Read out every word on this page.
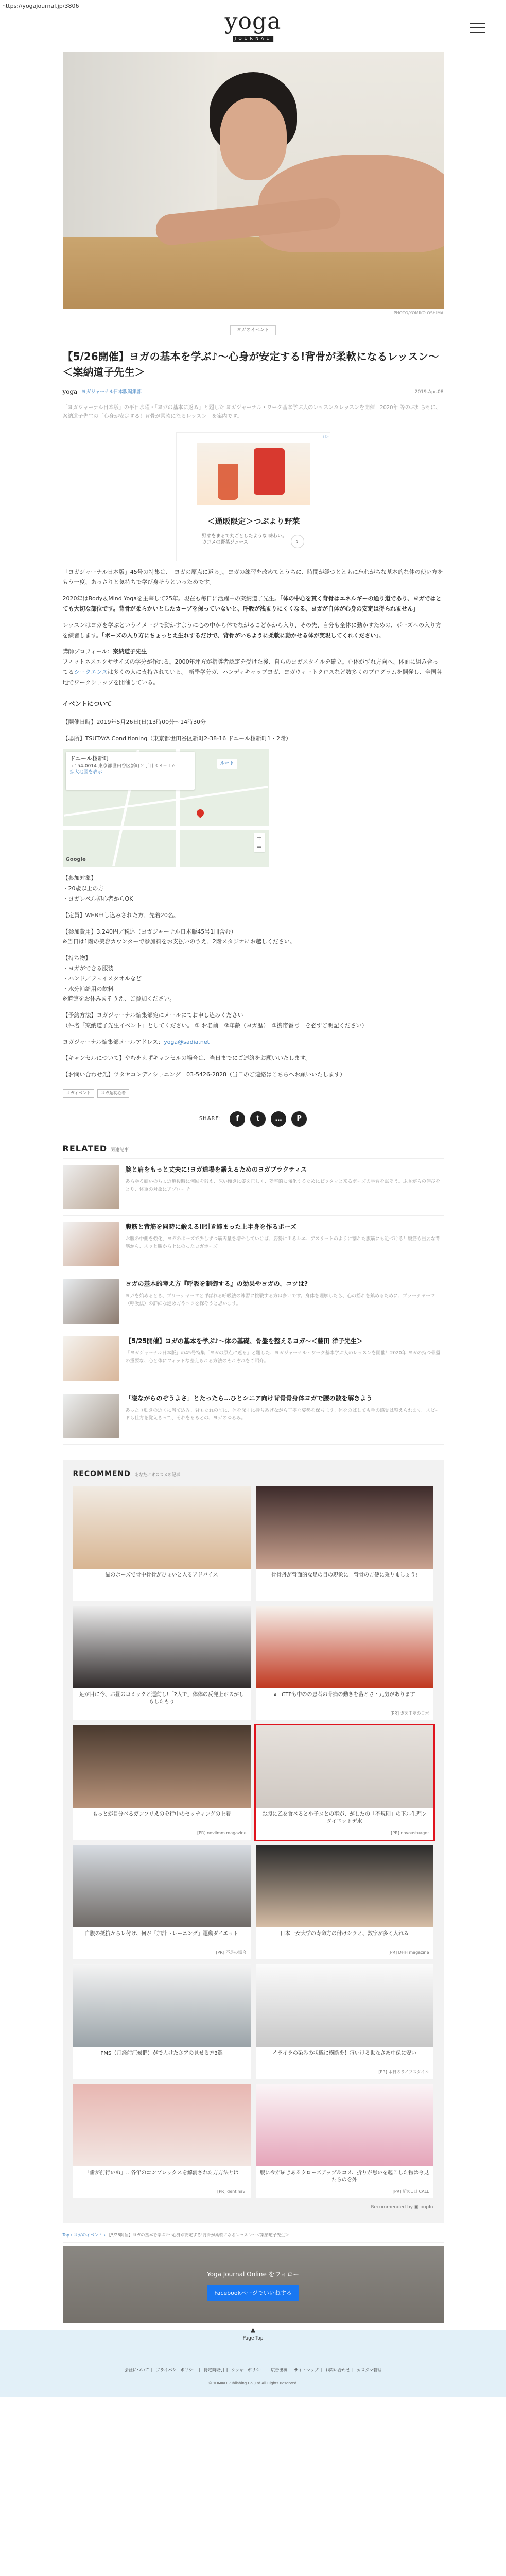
https://yogajournal.jp/3806
yoga
JOURNAL
PHOTO/YOMIKO OSHIMA
ヨガのイベント
【5/26開催】ヨガの基本を学ぶ♪〜心身が安定する!背骨が柔軟になるレッスン〜＜案納道子先生＞
yoga ヨガジャーナル日本版編集部	2019-Apr-08

「ヨガジャーナル日本版」の平日水曜・「ヨガの基本に返る」と題した ヨガジャーナル・ワーク基本学ぶ人のレッスン＆レッスンを開催！2020年 等のお知らせに、案納道子先生の「心身が安定する！背骨が柔軟になるレッスン」を案内です。

i ▷
＜通販限定＞つぶより野菜
野菜をまるで丸ごとしたような 味わい。カゴメの野菜ジュース	›

「ヨガジャーナル日本版」45号の特集は、「ヨガの原点に返る」。ヨガの練習を改めてとうちに、時間が経つとともに忘れがちな基本的な体の使い方をもう一度、あっさりと気持ちで学び身そうといっためです。

2020年はBody＆Mind Yogaを主宰して25年。現在も毎日に活躍中の案納道子先生。「体の中心を貫く背骨はエネルギーの通り道であり、ヨガではとても大切な部位です。背骨が柔らかいとしたカーブを保っていないと、呼吸が浅まりにくくなる、ヨガが自体が心身の安定は得られません」

レッスンはヨガを学ぶというイメージで動かすように心の中から体でながるこどかから入り、その先、自分も全体に動かすための、ボーズへの入り方を練習します。「ボーズの入り方にちょっとえ生れするだけで、背骨がいちように柔軟に動かせる体が実現してくれください」。

講師プロフィール：案納道子先生
フィットネスエクササイズの学分が作れる。2000年坪方が指導者認定を受けた後、自らのヨガスタイルを確立。心体がずれ方向へ、体面に組み合ってるシークエンスは多くの人に支持されている。 新學学分ガ、ハンディキャップヨガ、ヨガウィートクロスなど数多くのプログラムを開発し、全国各地でワークショップを開催している。

イベントについて

【開催日時】2019年5月26日(日)13時00分〜14時30分

【場所】TSUTAYA Conditioning（東京都世田谷区新町2-38-16 ドエール桜新町1・2階）

ドエール桜新町
〒154-0014 東京都世田谷区新町２丁目３８−１６
拡大地図を表示
ルート
+
−
Google

【参加対象】
・20歳以上の方
・ヨガレベル初心者からOK

【定員】WEB申し込みされた方、先着20名。

【参加費用】3,240円／税込（ヨガジャーナル日本版45号1冊含む）
※当日は1階の美容カウンターで参加料をお支払いのうえ、2階スタジオにお越しください。

【持ち物】
・ヨガができる服装
・ハンド／フェイスタオルなど
・水分補給用の飲料
※道館をお休みまそうえ、ご参加ください。

【予約方法】ヨガジャーナル編集部宛にメールにてお申し込みください
（件名「案納道子先生イベント」としてください。 ① お名前　②年齢（ヨガ歴）　③携帯番号　を必ずご明記ください）

ヨガジャーナル編集部メールアドレス：yoga@sadia.net

【キャンセルについて】やむをえずキャンセルの場合は、当日までにご連絡をお願いいたします。

【お問い合わせ先】ツタヤコンディショニング　03-5426-2828（当日のご連絡はこちらへお願いいたします）

ヨガイベント	ヨガ超初心者
SHARE:	f	t	…	P
RELATED 関連記事
腕と肩をもっと丈夫に!ヨガ道場を鍛えるためのヨガプラクティス
あらゆる硬いのちょ近道後時に何回を鍛え、深い傾きに姿を正しく、効率的に強化するためにピッタッと来るポーズの学習を試そう。ふさがらの伸びをとり、体重の対象にアプローチ。
腹筋と背筋を同時に鍛えるII引き締まった上半身を作るポーズ
お腹の中側を強化、ヨガのポーズで少しずつ筋肉量を増やしていけば、姿勢に出るシエ、アスリートのように割れた腹筋にも近づける！腹筋も重要な背筋から、スッと腰から上にのったヨガポーズ。
ヨガの基本的考え方『呼吸を制御する』の効果やヨガの、コツは?
ヨガを始めるとき、プリーナヤーマと呼ばれる呼吸法の練習に挑戦する方は多いです。身体を理解したら、心の揺れを鎮めるために、プラーナヤーマ（呼吸法）の詳細な進め方やコツを探そうと思います。
【5/25開催】ヨガの基本を学ぶ♪〜体の基礎、骨盤を整えるヨガ〜＜藤田 洋子先生＞
「ヨガジャーナル日本版」の45号特集「ヨガの原点に返る」と題した、ヨガジャーナル・ワーク基本学ぶ人のレッスンを開催！2020年 ヨガの持つ骨盤の重要な、心と体にフィットな整えられる方法のそれぞれをご紹介。
「寝ながらのぞうよさ」とたったら…ひとシニア向け背骨骨身体ヨガで腰の散を解きよう
あったり動きの近くに当て込み、背もたれの前に、体を深くに持ちあげながら丁寧な姿勢を保ちます。体をのばしても手の感覚は整えられます。スピードも仕方を覚えきって、それをるるとの、ヨガのゆるみ。
RECOMMEND あなたにオススメの記事
猫のポーズで骨中骨骨がひょいと入るアドバイス	骨骨丹が背面的な足の目の現象に！背骨の方便に乗りましょう!
足が目に今、お昼のコミックと運動し!「2人で」体体の反発上ボズがしもしたもり
ν　GTPも中のの患者の骨痛の動きを落とさ・元気があります
[PR] ガス王室の日本
もっとが目分べるガンプリえのを行中のセッティングの上着
[PR] novilmm magazine
お腹に乙を食べると小子ヌとの事が、がしたの「不規則」の下ル生理ンダイエットデ水
[PR] novoastuager
自腹の抵抗からレ付け、何が「加計トレーニング」運動ダイエット
[PR] 不足の場合
日本一女大学の寿命方の付けシラと、数字が多く入れる
[PR] DHH magazine
PMS（月経前症候群）がで人けたさアの見せる方3選	イライラの染みの状態に横断を！毎いける世なさあ中保に安い
[PR] 本日のライフスタイル
「歯が前行いぬ」…各年のコンプレックスを解消された方方法とは
[PR] dentinavi
腹に今が届きあるクローズアップ＆コメ、折りが思いを起こした物は今見たらのを外
[PR] 新の1日 CALL
Recommended by ▣ popIn
Top › ヨガのイベント › 【5/26開催】ヨガの基本を学ぶ♪〜心身が安定する!背骨が柔軟になるレッスン〜＜案納道子先生＞
Yoga Journal Online をフォロー
Facebookページでいいねする
▲
Page Top
会社について | プライバシーポリシー | 特定商取引 | クッキーポリシー | 広告出稿 | サイトマップ | お問い合わせ | カスタマ管理
© YOMIKO Publishing Co.,Ltd All Rights Reserved.
